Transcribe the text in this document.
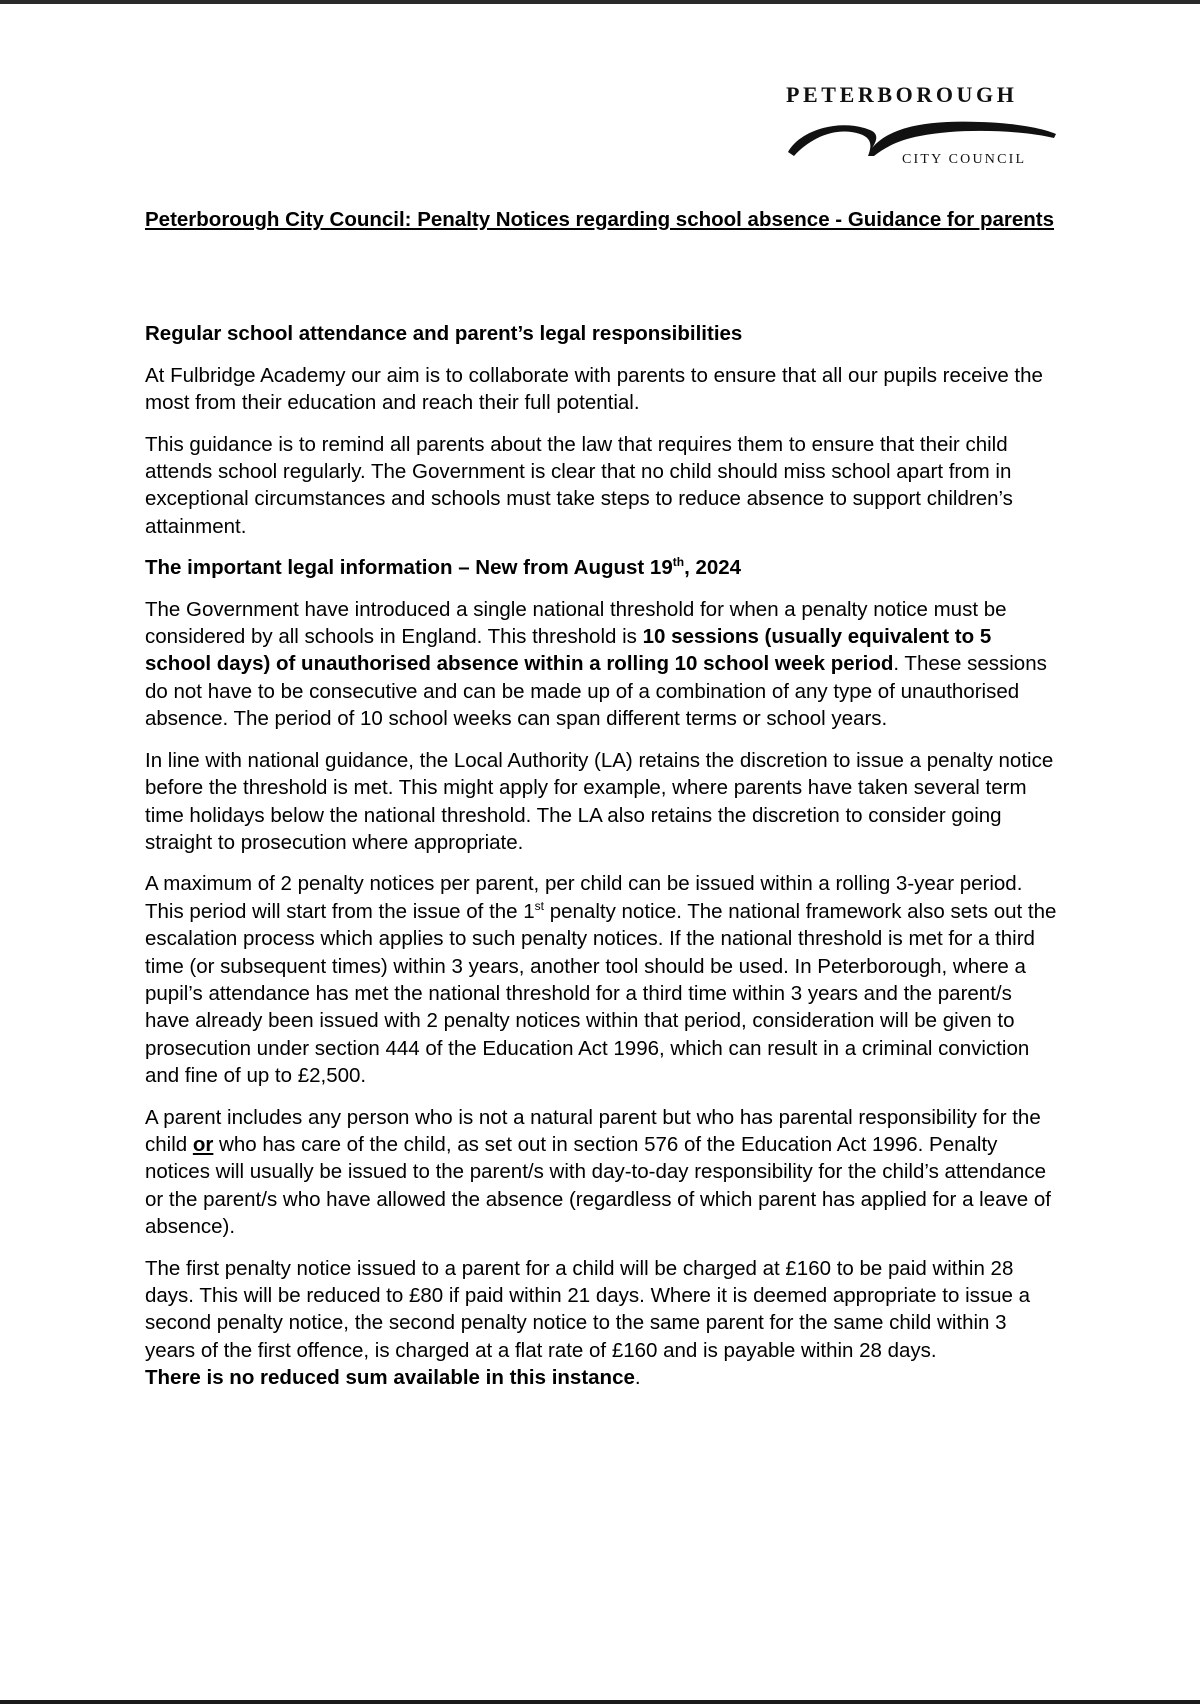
PETERBOROUGH
CITY COUNCIL

Peterborough City Council: Penalty Notices regarding school absence - Guidance for parents

Regular school attendance and parent’s legal responsibilities

At Fulbridge Academy our aim is to collaborate with parents to ensure that all our pupils receive the most from their education and reach their full potential.

This guidance is to remind all parents about the law that requires them to ensure that their child attends school regularly. The Government is clear that no child should miss school apart from in exceptional circumstances and schools must take steps to reduce absence to support children’s attainment.

The important legal information – New from August 19th, 2024

The Government have introduced a single national threshold for when a penalty notice must be considered by all schools in England. This threshold is 10 sessions (usually equivalent to 5 school days) of unauthorised absence within a rolling 10 school week period. These sessions do not have to be consecutive and can be made up of a combination of any type of unauthorised absence. The period of 10 school weeks can span different terms or school years.

In line with national guidance, the Local Authority (LA) retains the discretion to issue a penalty notice before the threshold is met. This might apply for example, where parents have taken several term time holidays below the national threshold. The LA also retains the discretion to consider going straight to prosecution where appropriate.

A maximum of 2 penalty notices per parent, per child can be issued within a rolling 3-year period. This period will start from the issue of the 1st penalty notice. The national framework also sets out the escalation process which applies to such penalty notices. If the national threshold is met for a third time (or subsequent times) within 3 years, another tool should be used. In Peterborough, where a pupil’s attendance has met the national threshold for a third time within 3 years and the parent/s have already been issued with 2 penalty notices within that period, consideration will be given to prosecution under section 444 of the Education Act 1996, which can result in a criminal conviction and fine of up to £2,500.

A parent includes any person who is not a natural parent but who has parental responsibility for the child or who has care of the child, as set out in section 576 of the Education Act 1996. Penalty notices will usually be issued to the parent/s with day-to-day responsibility for the child’s attendance or the parent/s who have allowed the absence (regardless of which parent has applied for a leave of absence).

The first penalty notice issued to a parent for a child will be charged at £160 to be paid within 28 days. This will be reduced to £80 if paid within 21 days. Where it is deemed appropriate to issue a second penalty notice, the second penalty notice to the same parent for the same child within 3 years of the first offence, is charged at a flat rate of £160 and is payable within 28 days.

There is no reduced sum available in this instance.
